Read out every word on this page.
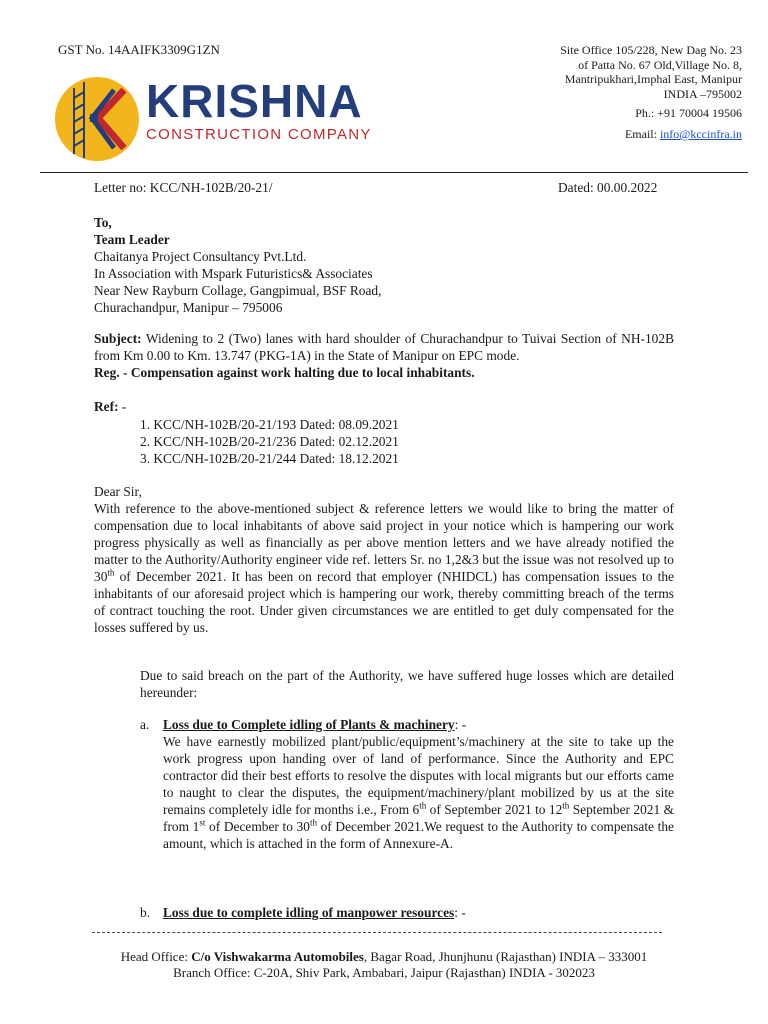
GST No. 14AAIFK3309G1ZN
KRISHNA
CONSTRUCTION COMPANY
Site Office 105/228, New Dag No. 23
of Patta No. 67 Old,Village No. 8,
Mantripukhari,Imphal East, Manipur
INDIA –795002
Ph.: +91 70004 19506
Email: info@kccinfra.in
Letter no: KCC/NH-102B/20-21/	Dated: 00.00.2022
To,
Team Leader
Chaitanya Project Consultancy Pvt.Ltd.
In Association with Mspark Futuristics& Associates
Near New Rayburn Collage, Gangpimual, BSF Road,
Churachandpur, Manipur – 795006
Subject: Widening to 2 (Two) lanes with hard shoulder of Churachandpur to Tuivai Section of NH-102B from Km 0.00 to Km. 13.747 (PKG-1A) in the State of Manipur on EPC mode.
Reg. - Compensation against work halting due to local inhabitants.
Ref: -
1. KCC/NH-102B/20-21/193 Dated: 08.09.2021
2. KCC/NH-102B/20-21/236 Dated: 02.12.2021
3. KCC/NH-102B/20-21/244 Dated: 18.12.2021
Dear Sir,
With reference to the above-mentioned subject & reference letters we would like to bring the matter of compensation due to local inhabitants of above said project in your notice which is hampering our work progress physically as well as financially as per above mention letters and we have already notified the matter to the Authority/Authority engineer vide ref. letters Sr. no 1,2&3 but the issue was not resolved up to 30th of December 2021. It has been on record that employer (NHIDCL) has compensation issues to the inhabitants of our aforesaid project which is hampering our work, thereby committing breach of the terms of contract touching the root. Under given circumstances we are entitled to get duly compensated for the losses suffered by us.
Due to said breach on the part of the Authority, we have suffered huge losses which are detailed hereunder:
a. Loss due to Complete idling of Plants & machinery: -
We have earnestly mobilized plant/public/equipment’s/machinery at the site to take up the work progress upon handing over of land of performance. Since the Authority and EPC contractor did their best efforts to resolve the disputes with local migrants but our efforts came to naught to clear the disputes, the equipment/machinery/plant mobilized by us at the site remains completely idle for months i.e., From 6th of September 2021 to 12th September 2021 & from 1st of December to 30th of December 2021.We request to the Authority to compensate the amount, which is attached in the form of Annexure-A.
b. Loss due to complete idling of manpower resources: -
Head Office: C/o Vishwakarma Automobiles, Bagar Road, Jhunjhunu (Rajasthan) INDIA – 333001
Branch Office: C-20A, Shiv Park, Ambabari, Jaipur (Rajasthan) INDIA - 302023
